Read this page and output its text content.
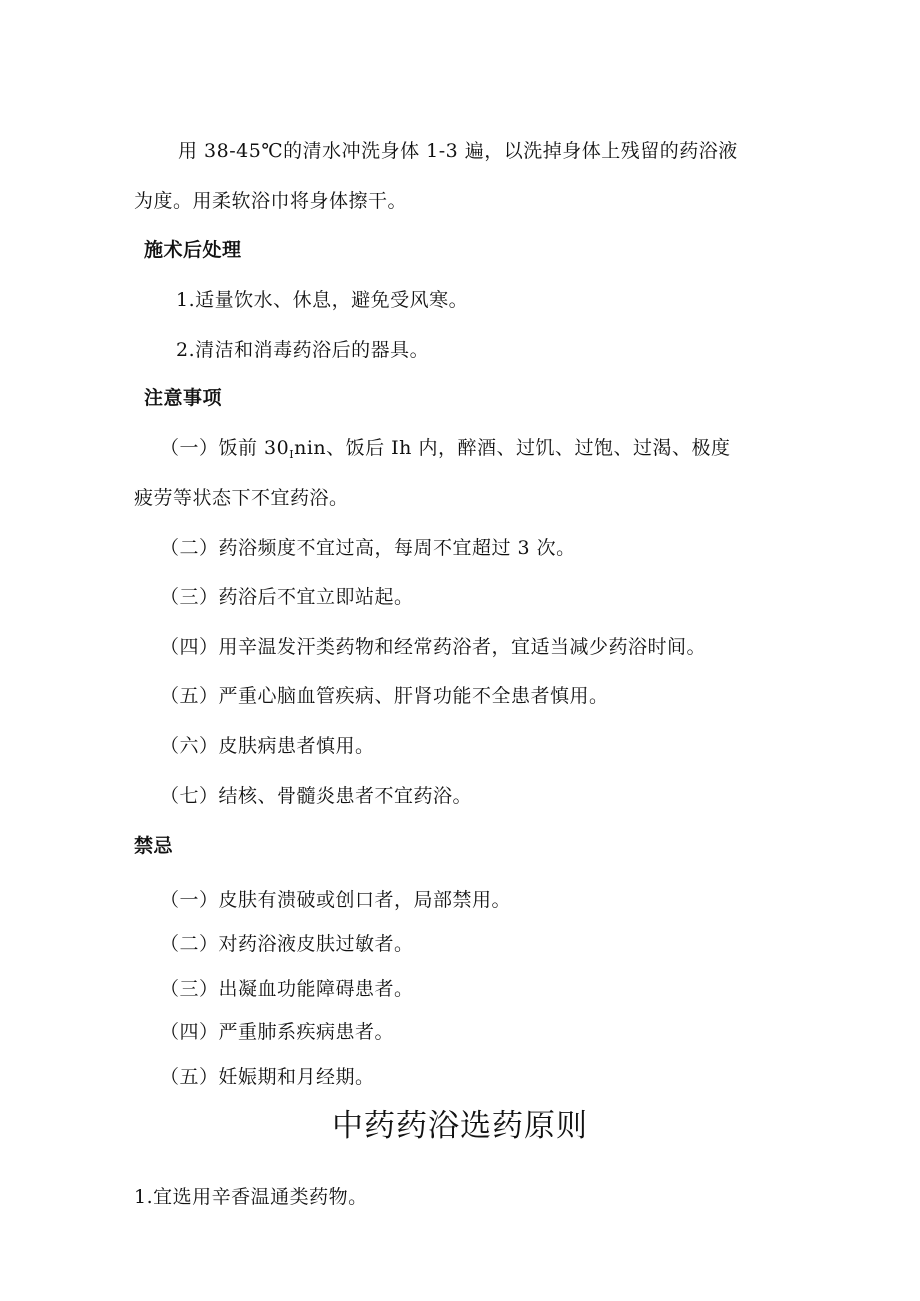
用 38-45℃的清水冲洗身体 1-3 遍，以洗掉身体上残留的药浴液
为度。用柔软浴巾将身体擦干。
施术后处理
1.适量饮水、休息，避免受风寒。
2.清洁和消毒药浴后的器具。
注意事项
（一）饭前 $30_Inin$、饭后 Ih 内，醉酒、过饥、过饱、过渴、极度
疲劳等状态下不宜药浴。
（二）药浴频度不宜过高，每周不宜超过 3 次。
（三）药浴后不宜立即站起。
（四）用辛温发汗类药物和经常药浴者，宜适当减少药浴时间。
（五）严重心脑血管疾病、肝肾功能不全患者慎用。
（六）皮肤病患者慎用。
（七）结核、骨髓炎患者不宜药浴。
禁忌
（一）皮肤有溃破或创口者，局部禁用。
（二）对药浴液皮肤过敏者。
（三）出凝血功能障碍患者。
（四）严重肺系疾病患者。
（五）妊娠期和月经期。
中药药浴选药原则
1.宜选用辛香温通类药物。
